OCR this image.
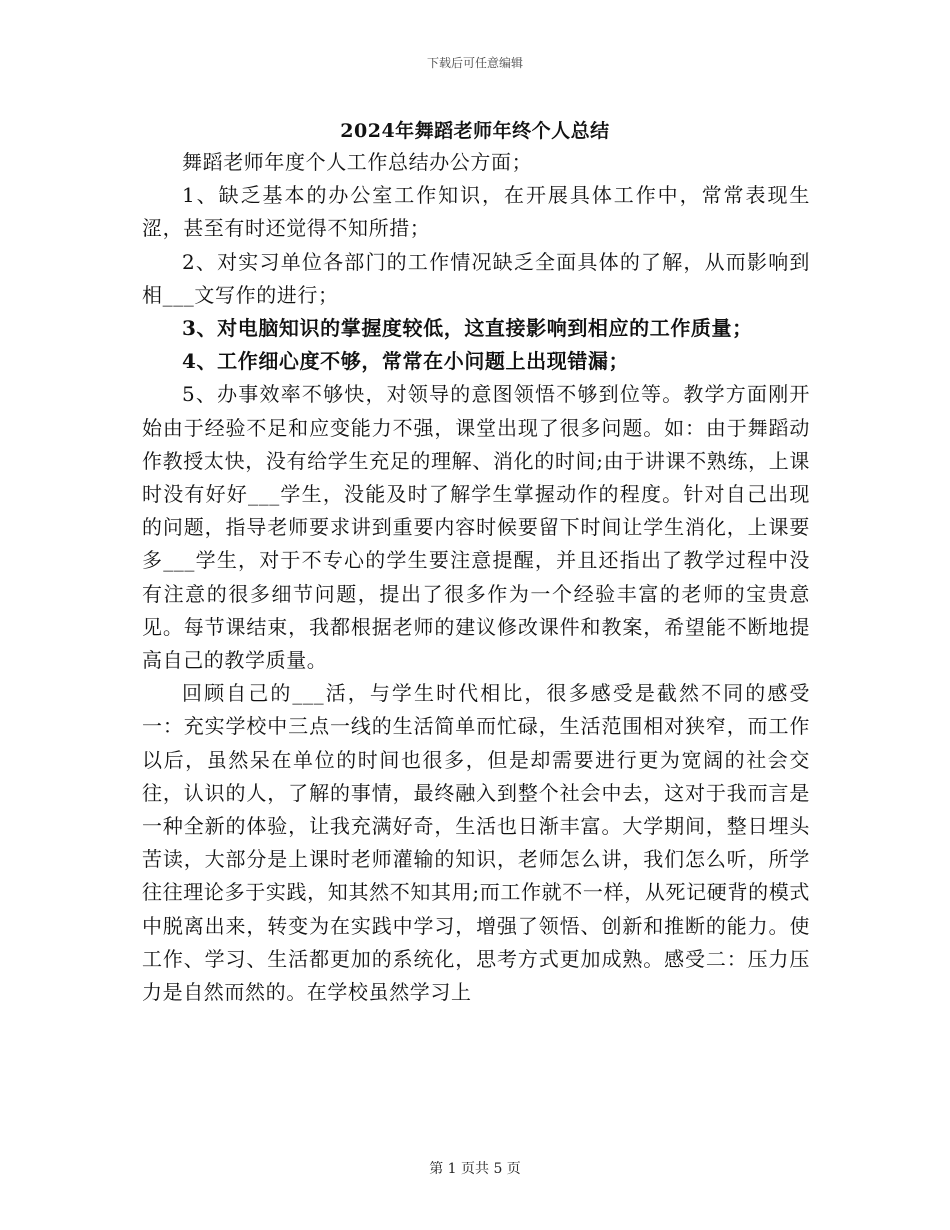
下载后可任意编辑
2024年舞蹈老师年终个人总结

舞蹈老师年度个人工作总结办公方面；

1、缺乏基本的办公室工作知识，在开展具体工作中，常常表现生涩，甚至有时还觉得不知所措；

2、对实习单位各部门的工作情况缺乏全面具体的了解，从而影响到相___文写作的进行；

3、对电脑知识的掌握度较低，这直接影响到相应的工作质量；

4、工作细心度不够，常常在小问题上出现错漏；

5、办事效率不够快，对领导的意图领悟不够到位等。教学方面刚开始由于经验不足和应变能力不强，课堂出现了很多问题。如：由于舞蹈动作教授太快，没有给学生充足的理解、消化的时间;由于讲课不熟练，上课时没有好好___学生，没能及时了解学生掌握动作的程度。针对自己出现的问题，指导老师要求讲到重要内容时候要留下时间让学生消化，上课要多___学生，对于不专心的学生要注意提醒，并且还指出了教学过程中没有注意的很多细节问题，提出了很多作为一个经验丰富的老师的宝贵意见。每节课结束，我都根据老师的建议修改课件和教案，希望能不断地提高自己的教学质量。

回顾自己的___活，与学生时代相比，很多感受是截然不同的感受一：充实学校中三点一线的生活简单而忙碌，生活范围相对狭窄，而工作以后，虽然呆在单位的时间也很多，但是却需要进行更为宽阔的社会交往，认识的人，了解的事情，最终融入到整个社会中去，这对于我而言是一种全新的体验，让我充满好奇，生活也日渐丰富。大学期间，整日埋头苦读，大部分是上课时老师灌输的知识，老师怎么讲，我们怎么听，所学往往理论多于实践，知其然不知其用;而工作就不一样，从死记硬背的模式中脱离出来，转变为在实践中学习，增强了领悟、创新和推断的能力。使工作、学习、生活都更加的系统化，思考方式更加成熟。感受二：压力压力是自然而然的。在学校虽然学习上

第 1 页共 5 页
